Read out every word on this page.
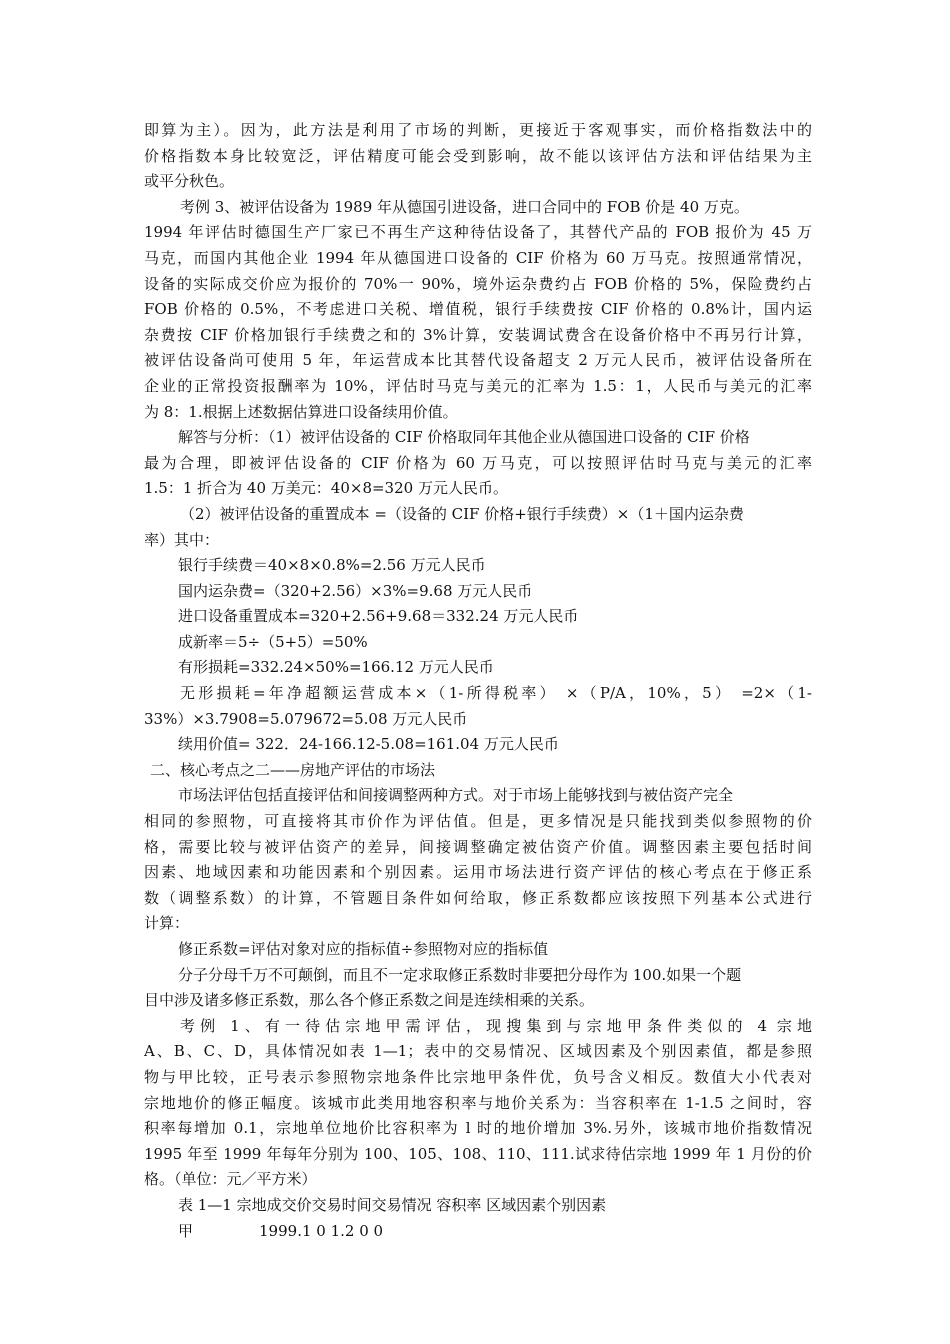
即算为主）。因为，此方法是利用了市场的判断，更接近于客观事实，而价格指数法中的
价格指数本身比较宽泛，评估精度可能会受到影响，故不能以该评估方法和评估结果为主
或平分秋色。
考例 3、被评估设备为 1989 年从德国引进设备，进口合同中的 FOB 价是 40 万克。
1994 年评估时德国生产厂家已不再生产这种待估设备了，其替代产品的 FOB 报价为 45 万
马克，而国内其他企业 1994 年从德国进口设备的 CIF 价格为 60 万马克。按照通常情况，
设备的实际成交价应为报价的 70%一 90%，境外运杂费约占 FOB 价格的 5%，保险费约占
FOB 价格的 0.5%，不考虑进口关税、增值税，银行手续费按 CIF 价格的 0.8%计，国内运
杂费按 CIF 价格加银行手续费之和的 3%计算，安装调试费含在设备价格中不再另行计算，
被评估设备尚可使用 5 年，年运营成本比其替代设备超支 2 万元人民币，被评估设备所在
企业的正常投资报酬率为 10%，评估时马克与美元的汇率为 1.5：1，人民币与美元的汇率
为 8：1.根据上述数据估算进口设备续用价值。
解答与分析：（1）被评估设备的 CIF 价格取同年其他企业从德国进口设备的 CIF 价格
最为合理，即被评估设备的 CIF 价格为 60 万马克，可以按照评估时马克与美元的汇率
1.5：1 折合为 40 万美元：40×8=320 万元人民币。
（2）被评估设备的重置成本 =（设备的 CIF 价格+银行手续费）×（1＋国内运杂费
率）其中：
银行手续费＝40×8×0.8%=2.56 万元人民币
国内运杂费=（320+2.56）×3%=9.68 万元人民币
进口设备重置成本=320+2.56+9.68＝332.24 万元人民币
成新率＝5÷（5+5）=50%
有形损耗=332.24×50%=166.12 万元人民币
无形损耗=年净超额运营成本×（1-所得税率） ×（P/A，10%，5） =2×（1-
33%）×3.7908=5.079672=5.08 万元人民币
续用价值= 322．24-166.12-5.08=161.04 万元人民币
二、核心考点之二——房地产评估的市场法
市场法评估包括直接评估和间接调整两种方式。对于市场上能够找到与被估资产完全
相同的参照物，可直接将其市价作为评估值。但是，更多情况是只能找到类似参照物的价
格，需要比较与被评估资产的差异，间接调整确定被估资产价值。调整因素主要包括时间
因素、地域因素和功能因素和个别因素。运用市场法进行资产评估的核心考点在于修正系
数（调整系数）的计算，不管题目条件如何给取，修正系数都应该按照下列基本公式进行
计算：
修正系数=评估对象对应的指标值÷参照物对应的指标值
分子分母千万不可颠倒，而且不一定求取修正系数时非要把分母作为 100.如果一个题
目中涉及诸多修正系数，那么各个修正系数之间是连续相乘的关系。
考例 1、有一待估宗地甲需评估，现搜集到与宗地甲条件类似的 4 宗地
A、B、C、D，具体情况如表 1—1；表中的交易情况、区域因素及个别因素值，都是参照
物与甲比较，正号表示参照物宗地条件比宗地甲条件优，负号含义相反。数值大小代表对
宗地地价的修正幅度。该城市此类用地容积率与地价关系为：当容积率在 1-1.5 之间时，容
积率每增加 0.1，宗地单位地价比容积率为 l 时的地价增加 3%.另外，该城市地价指数情况
1995 年至 1999 年每年分别为 100、105、108、110、111.试求待估宗地 1999 年 1 月份的价
格。（单位：元／平方米）
表 1—1 宗地成交价交易时间交易情况 容积率 区域因素个别因素
甲	1999.1 0 1.2 0 0
